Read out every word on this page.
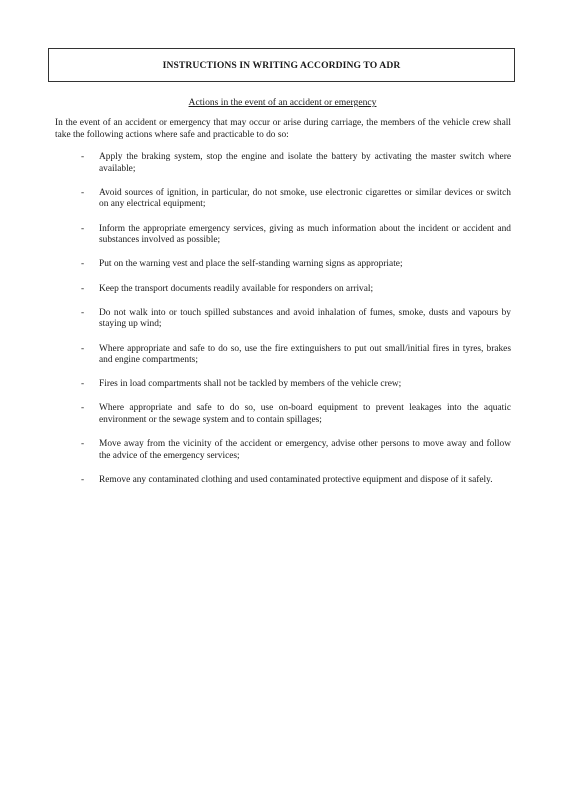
INSTRUCTIONS IN WRITING ACCORDING TO ADR
Actions in the event of an accident or emergency

In the event of an accident or emergency that may occur or arise during carriage, the members of the vehicle crew shall take the following actions where safe and practicable to do so:

- Apply the braking system, stop the engine and isolate the battery by activating the master switch where available;
- Avoid sources of ignition, in particular, do not smoke, use electronic cigarettes or similar devices or switch on any electrical equipment;
- Inform the appropriate emergency services, giving as much information about the incident or accident and substances involved as possible;
- Put on the warning vest and place the self-standing warning signs as appropriate;
- Keep the transport documents readily available for responders on arrival;
- Do not walk into or touch spilled substances and avoid inhalation of fumes, smoke, dusts and vapours by staying up wind;
- Where appropriate and safe to do so, use the fire extinguishers to put out small/initial fires in tyres, brakes and engine compartments;
- Fires in load compartments shall not be tackled by members of the vehicle crew;
- Where appropriate and safe to do so, use on-board equipment to prevent leakages into the aquatic environment or the sewage system and to contain spillages;
- Move away from the vicinity of the accident or emergency, advise other persons to move away and follow the advice of the emergency services;
- Remove any contaminated clothing and used contaminated protective equipment and dispose of it safely.
